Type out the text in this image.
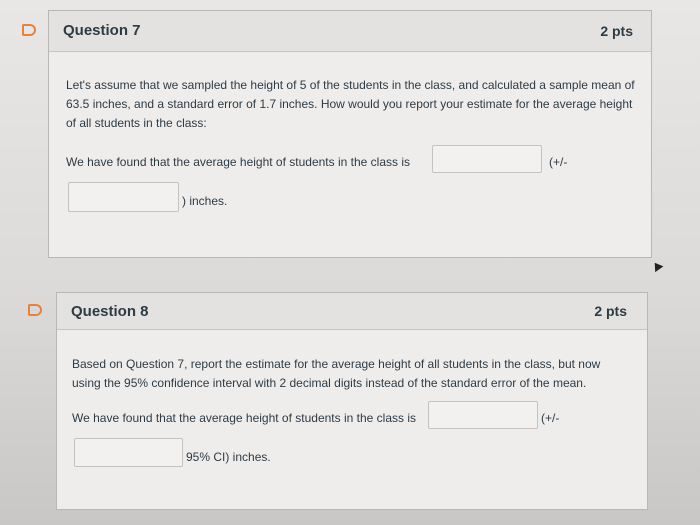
Question 7	2 pts
Let's assume that we sampled the height of 5 of the students in the class, and calculated a sample mean of 63.5 inches, and a standard error of 1.7 inches. How would you report your estimate for the average height of all students in the class:
We have found that the average height of students in the class is	(+/-
) inches.
Question 8	2 pts
Based on Question 7, report the estimate for the average height of all students in the class, but now using the 95% confidence interval with 2 decimal digits instead of the standard error of the mean.
We have found that the average height of students in the class is	(+/-
95% CI) inches.
